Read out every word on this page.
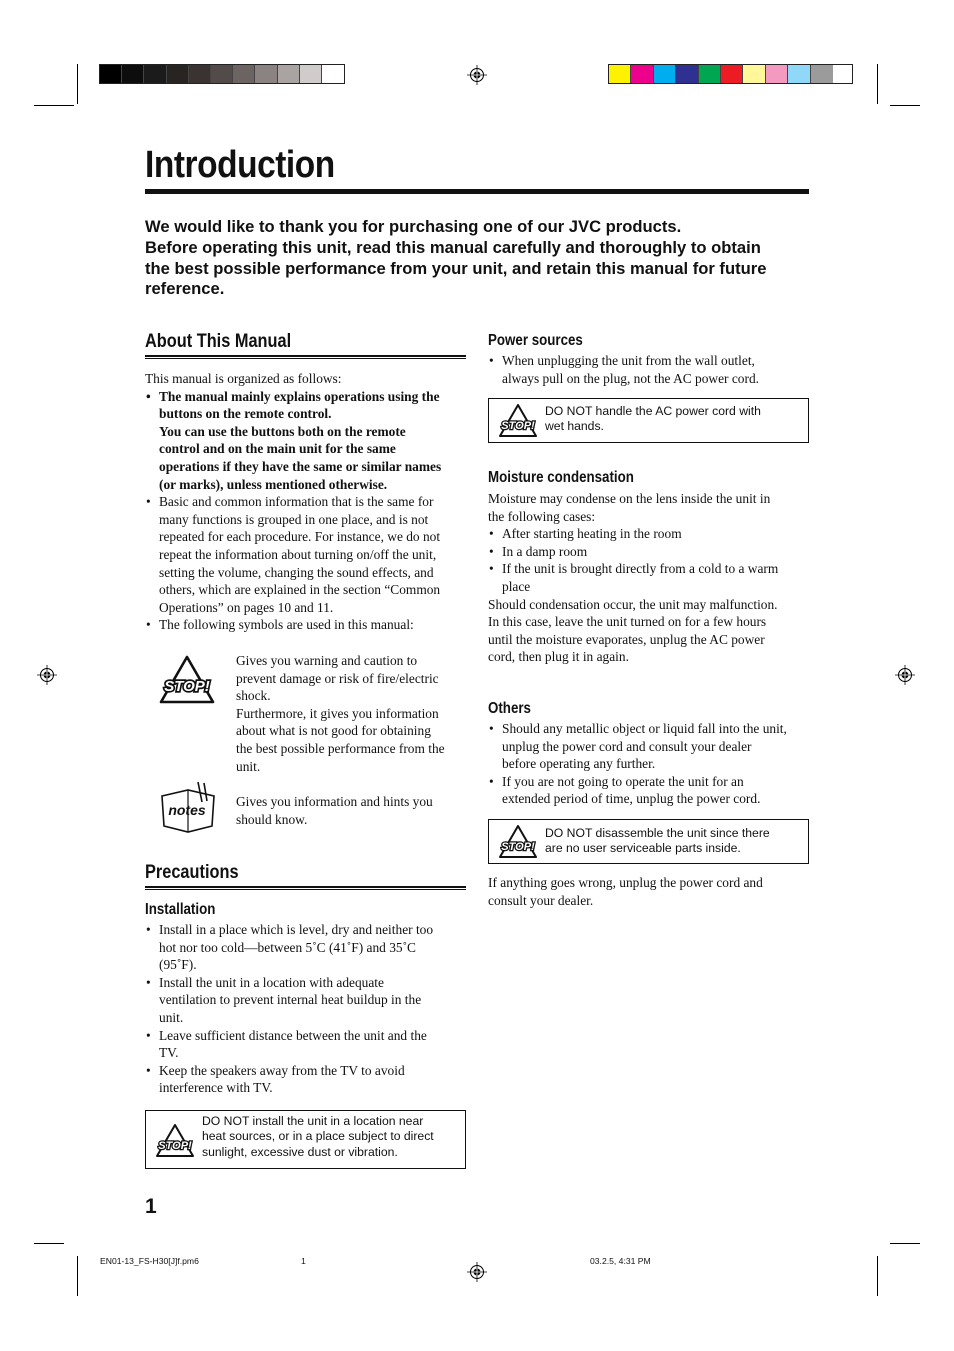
Introduction
We would like to thank you for purchasing one of our JVC products.
Before operating this unit, read this manual carefully and thoroughly to obtain
the best possible performance from your unit, and retain this manual for future
reference.
About This Manual
This manual is organized as follows:
• The manual mainly explains operations using the
buttons on the remote control.
You can use the buttons both on the remote
control and on the main unit for the same
operations if they have the same or similar names
(or marks), unless mentioned otherwise.
• Basic and common information that is the same for
many functions is grouped in one place, and is not
repeated for each procedure. For instance, we do not
repeat the information about turning on/off the unit,
setting the volume, changing the sound effects, and
others, which are explained in the section “Common
Operations” on pages 10 and 11.
• The following symbols are used in this manual:
STOP!
Gives you warning and caution to
prevent damage or risk of fire/electric
shock.
Furthermore, it gives you information
about what is not good for obtaining
the best possible performance from the
unit.
notes
Gives you information and hints you
should know.
Precautions
Installation
• Install in a place which is level, dry and neither too
hot nor too cold—between 5˚C (41˚F) and 35˚C
(95˚F).
• Install the unit in a location with adequate
ventilation to prevent internal heat buildup in the
unit.
• Leave sufficient distance between the unit and the
TV.
• Keep the speakers away from the TV to avoid
interference with TV.
STOP!
DO NOT install the unit in a location near
heat sources, or in a place subject to direct
sunlight, excessive dust or vibration.
1
Power sources
• When unplugging the unit from the wall outlet,
always pull on the plug, not the AC power cord.
STOP!
DO NOT handle the AC power cord with
wet hands.
Moisture condensation
Moisture may condense on the lens inside the unit in
the following cases:
• After starting heating in the room
• In a damp room
• If the unit is brought directly from a cold to a warm
place
Should condensation occur, the unit may malfunction.
In this case, leave the unit turned on for a few hours
until the moisture evaporates, unplug the AC power
cord, then plug it in again.
Others
• Should any metallic object or liquid fall into the unit,
unplug the power cord and consult your dealer
before operating any further.
• If you are not going to operate the unit for an
extended period of time, unplug the power cord.
STOP!
DO NOT disassemble the unit since there
are no user serviceable parts inside.
If anything goes wrong, unplug the power cord and
consult your dealer.
EN01-13_FS-H30[J]f.pm6	1	03.2.5, 4:31 PM
